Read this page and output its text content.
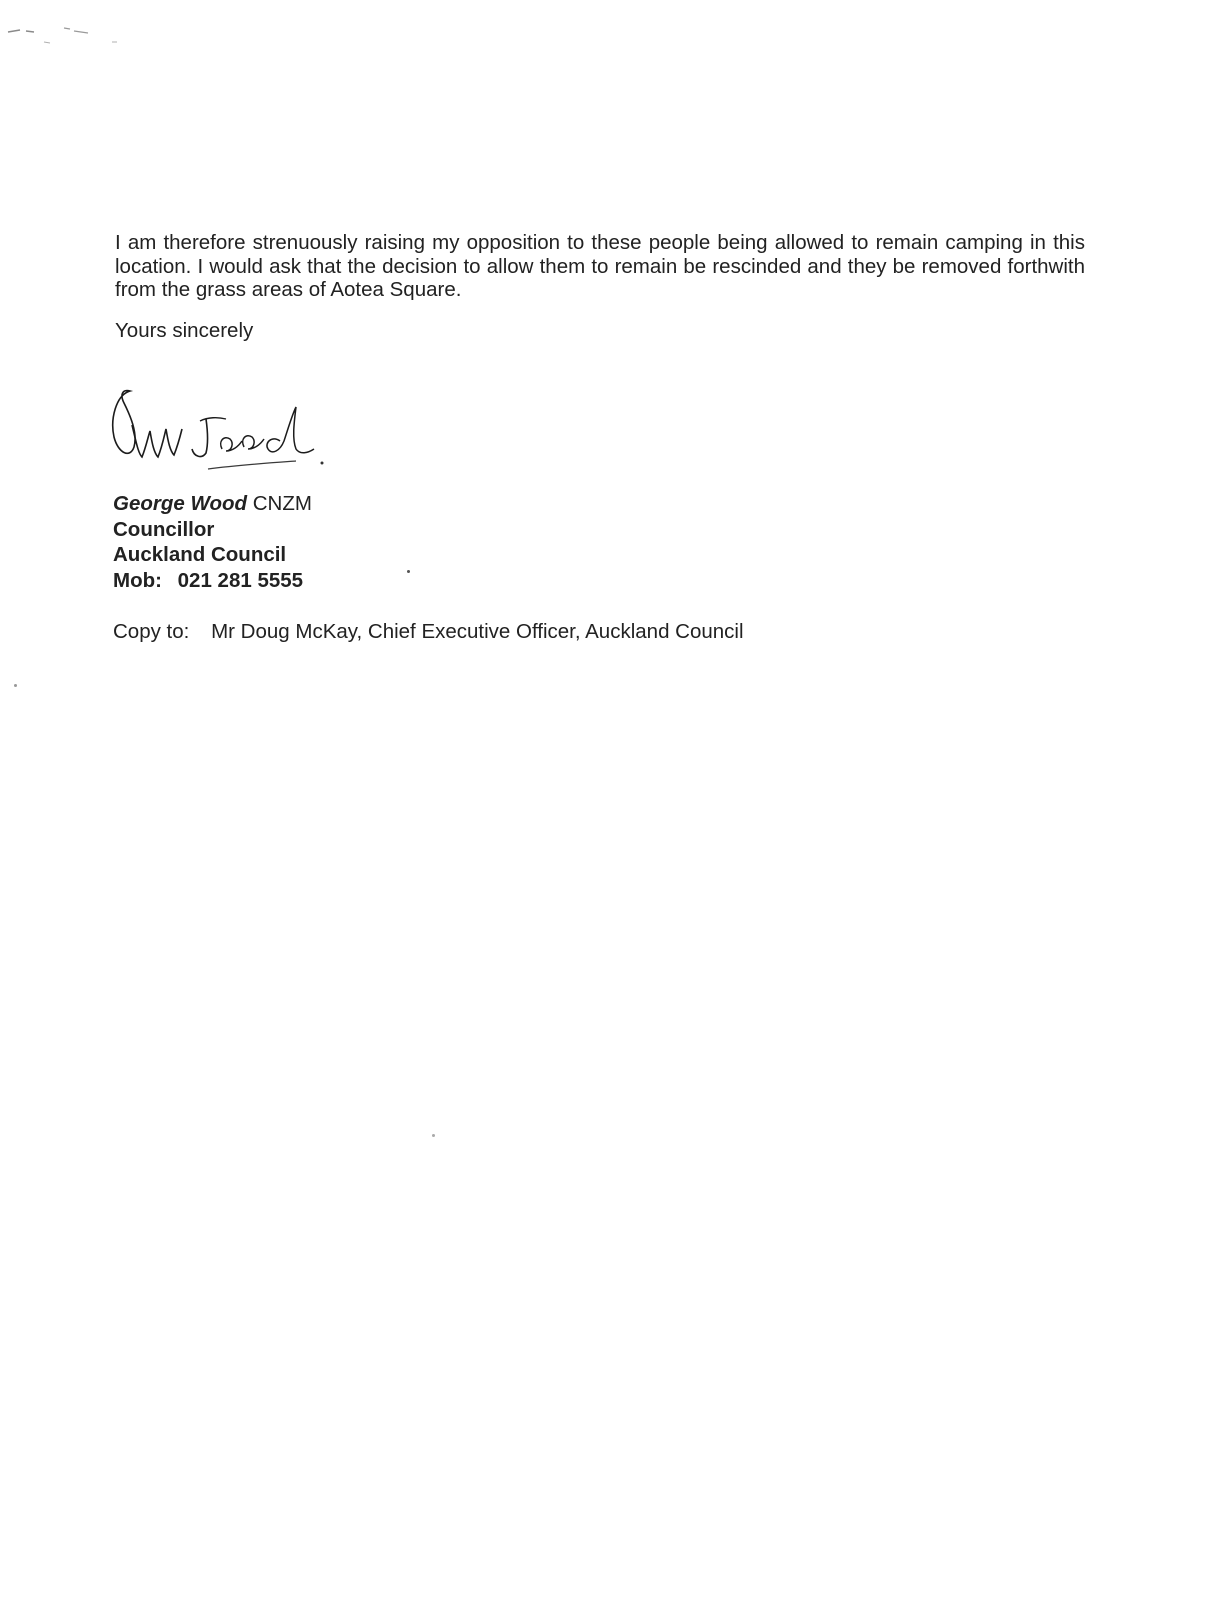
I am therefore strenuously raising my opposition to these people being allowed to remain camping in this location. I would ask that the decision to allow them to remain be rescinded and they be removed forthwith from the grass areas of Aotea Square.

Yours sincerely

George Wood CNZM
Councillor
Auckland Council
Mob: 021 281 5555
Copy to: Mr Doug McKay, Chief Executive Officer, Auckland Council
